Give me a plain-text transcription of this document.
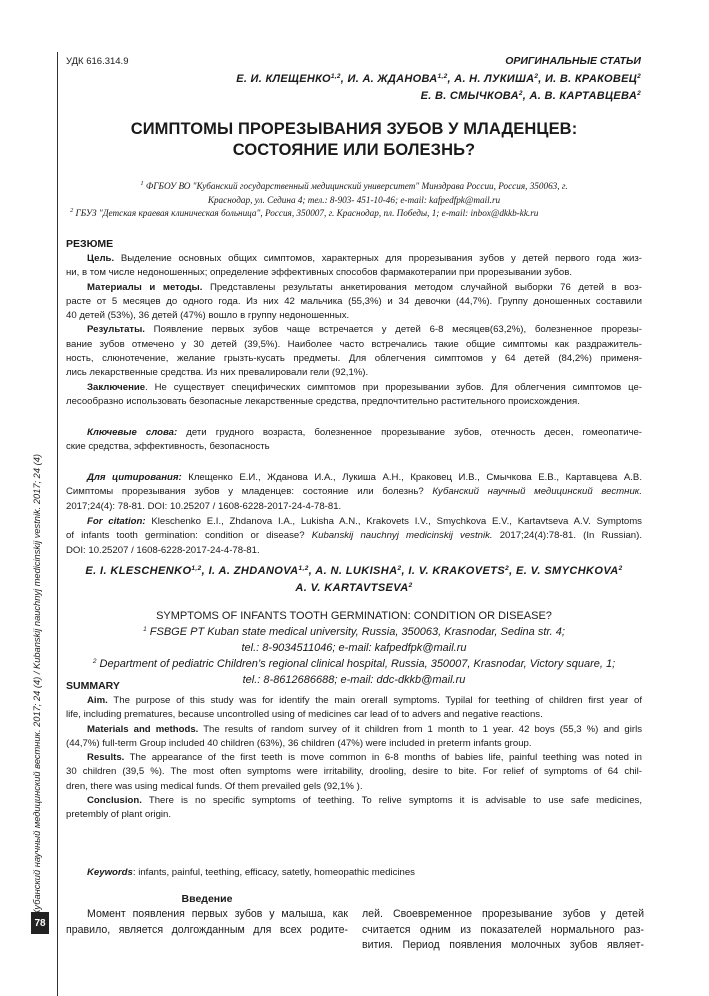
78
Кубанский научный медицинский вестник. 2017; 24 (4) / Kubanskij nauchnyj medicinskij vestnik. 2017; 24 (4)
УДК 616.314.9	ОРИГИНАЛЬНЫЕ СТАТЬИ
Е. И. КЛЕЩЕНКО$^{1,2}$, И. А. ЖДАНОВА$^{1,2}$, А. Н. ЛУКИША$^2$, И. В. КРАКОВЕЦ$^2$
Е. В. СМЫЧКОВА$^2$, А. В. КАРТАВЦЕВА$^2$
СИМПТОМЫ ПРОРЕЗЫВАНИЯ ЗУБОВ У МЛАДЕНЦЕВ:
СОСТОЯНИЕ ИЛИ БОЛЕЗНЬ?
$^1$ ФГБОУ ВО "Кубанский государственный медицинский университет" Минздрава России, Россия, 350063, г.
Краснодар, ул. Седина 4; тел.: 8-903- 451-10-46; e-mail: kafpedfpk@mail.ru
$^2$ ГБУЗ "Детская краевая клиническая больница", Россия, 350007, г. Краснодар, пл. Победы, 1; e-mail: inbox@dkkb-kk.ru
РЕЗЮМЕ
Цель. Выделение основных общих симптомов, характерных для прорезывания зубов у детей первого года жиз-
ни, в том числе недоношенных; определение эффективных способов фармакотерапии при прорезывании зубов.
Материалы и методы. Представлены результаты анкетирования методом случайной выборки 76 детей в воз-
расте от 5 месяцев до одного года. Из них 42 мальчика (55,3%) и 34 девочки (44,7%). Группу доношенных составили
40 детей (53%), 36 детей (47%) вошло в группу недоношенных.
Результаты. Появление первых зубов чаще встречается у детей 6-8 месяцев(63,2%), болезненное прорезы-
вание зубов отмечено у 30 детей (39,5%). Наиболее часто встречались такие общие симптомы как раздражитель-
ность, слюнотечение, желание грызть-кусать предметы. Для облегчения симптомов у 64 детей (84,2%) применя-
лись лекарственные средства. Из них превалировали гели (92,1%).
Заключение. Не существует специфических симптомов при прорезывании зубов. Для облегчения симптомов це-
лесообразно использовать безопасные лекарственные средства, предпочтительно растительного происхождения.
Ключевые слова: дети грудного возраста, болезненное прорезывание зубов, отечность десен, гомеопатиче-
ские средства, эффективность, безопасность
Для цитирования: Клещенко Е.И., Жданова И.А., Лукиша А.Н., Краковец И.В., Смычкова Е.В., Картавцева А.В.
Симптомы прорезывания зубов у младенцев: состояние или болезнь? Кубанский научный медицинский вестник.
2017;24(4): 78-81. DOI: 10.25207 / 1608-6228-2017-24-4-78-81.
For citation: Kleschenko E.I., Zhdanova I.A., Lukisha A.N., Krakovets I.V., Smychkova E.V., Kartavtseva A.V. Symptoms
of infants tooth germination: condition or disease? Kubanskij nauchnyj medicinskij vestnik. 2017;24(4):78-81. (In Russian).
DOI: 10.25207 / 1608-6228-2017-24-4-78-81.
E. I. KLESCHENKO$^{1,2}$, I. A. ZHDANOVA$^{1,2}$, A. N. LUKISHA$^2$, I. V. KRAKOVETS$^2$, E. V. SMYCHKOVA$^2$
A. V. KARTAVTSEVA$^2$
SYMPTOMS OF INFANTS TOOTH GERMINATION: CONDITION OR DISEASE?
$^1$ FSBGE PT Kuban state medical university, Russia, 350063, Krasnodar, Sedina str. 4;
tel.: 8-9034511046; e-mail: kafpedfpk@mail.ru
$^2$ Department of pediatric Children’s regional clinical hospital, Russia, 350007, Krasnodar, Victory square, 1;
tel.: 8-8612686688; e-mail: ddc-dkkb@mail.ru
SUMMARY
Aim. The purpose of this study was for identify the main orerall symptoms. Typilal for teething of children first year of
life, including prematures, because uncontrolled using of medicines car lead of to advers and negative reactions.
Materials and methods. The results of random survey of it children from 1 month to 1 year. 42 boys (55,3 %) and girls
(44,7%) full-term Group included 40 children (63%), 36 children (47%) were included in preterm infants group.
Results. The appearance of the first teeth is move common in 6-8 months of babies life, painful teething was noted in
30 children (39,5 %). The most often symptoms were irritability, drooling, desire to bite. For relief of symptoms of 64 chil-
dren, there was using medical funds. Of them prevailed gels (92,1% ).
Conclusion. There is no specific symptoms of teething. To relive symptoms it is advisable to use safe medicines,
pretembly of plant origin.
Keywords: infants, painful, teething, efficacy, satetly, homeopathic medicines
Введение
Момент появления первых зубов у малыша, как
правило, является долгожданным для всех родите-
лей. Своевременное прорезывание зубов у детей
считается одним из показателей нормального раз-
вития. Период появления молочных зубов являет-
